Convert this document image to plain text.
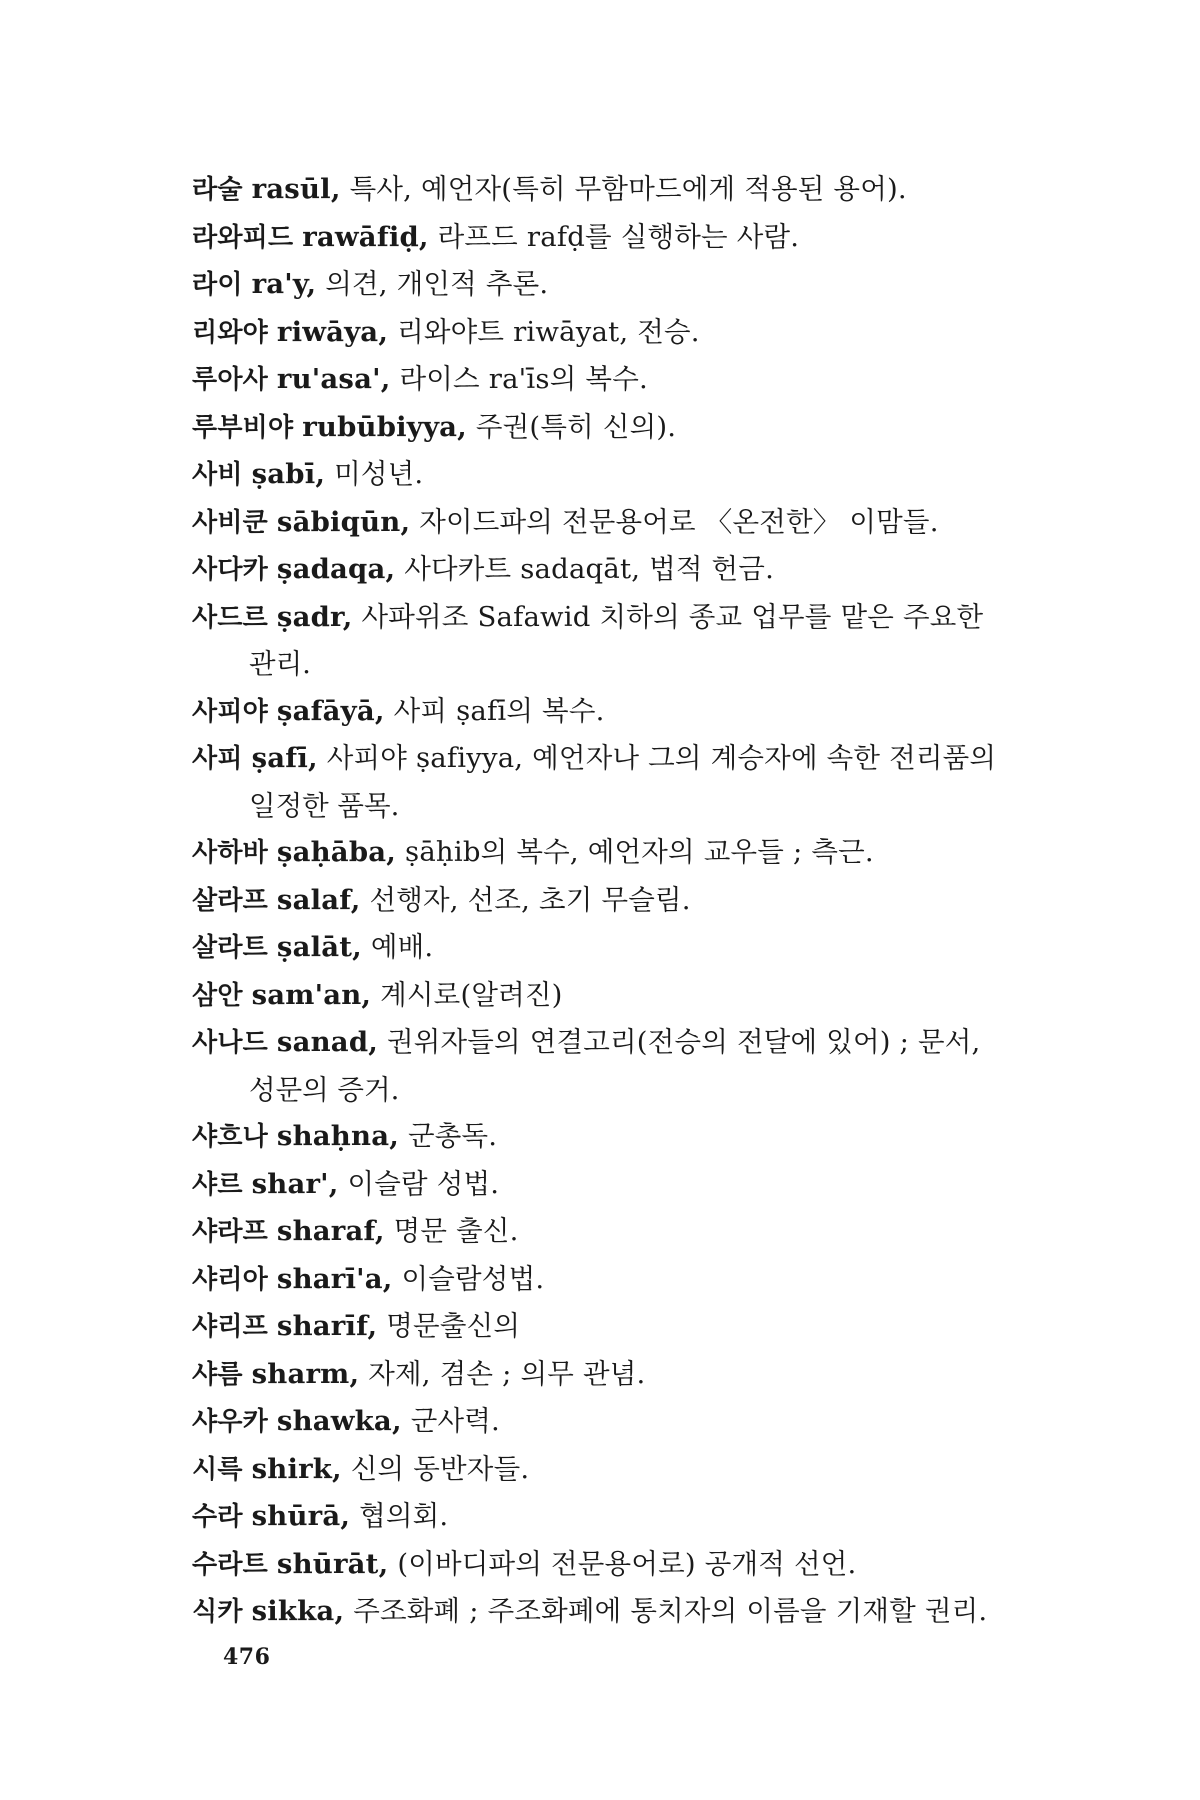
라술 rasūl, 특사, 예언자(특히 무함마드에게 적용된 용어).
라와피드 rawāfiḍ, 라프드 rafḍ를 실행하는 사람.
라이 ra'y, 의견, 개인적 추론.
리와야 riwāya, 리와야트 riwāyat, 전승.
루아사 ru'asa', 라이스 ra'īs의 복수.
루부비야 rubūbiyya, 주권(특히 신의).
사비 ṣabī, 미성년.
사비쿤 sābiqūn, 자이드파의 전문용어로 〈온전한〉 이맘들.
사다카 ṣadaqa, 사다카트 sadaqāt, 법적 헌금.
사드르 ṣadr, 사파위조 Safawid 치하의 종교 업무를 맡은 주요한
관리.
사피야 ṣafāyā, 사피 ṣafī의 복수.
사피 ṣafī, 사피야 ṣafiyya, 예언자나 그의 계승자에 속한 전리품의
일정한 품목.
사하바 ṣaḥāba, ṣāḥib의 복수, 예언자의 교우들 ; 측근.
살라프 salaf, 선행자, 선조, 초기 무슬림.
살라트 ṣalāt, 예배.
삼안 sam'an, 계시로(알려진)
사나드 sanad, 권위자들의 연결고리(전승의 전달에 있어) ; 문서,
성문의 증거.
샤흐나 shaḥna, 군총독.
샤르 shar', 이슬람 성법.
샤라프 sharaf, 명문 출신.
샤리아 sharī'a, 이슬람성법.
샤리프 sharīf, 명문출신의
샤름 sharm, 자제, 겸손 ; 의무 관념.
샤우카 shawka, 군사력.
시륵 shirk, 신의 동반자들.
수라 shūrā, 협의회.
수라트 shūrāt, (이바디파의 전문용어로) 공개적 선언.
식카 sikka, 주조화폐 ; 주조화폐에 통치자의 이름을 기재할 권리.
476
